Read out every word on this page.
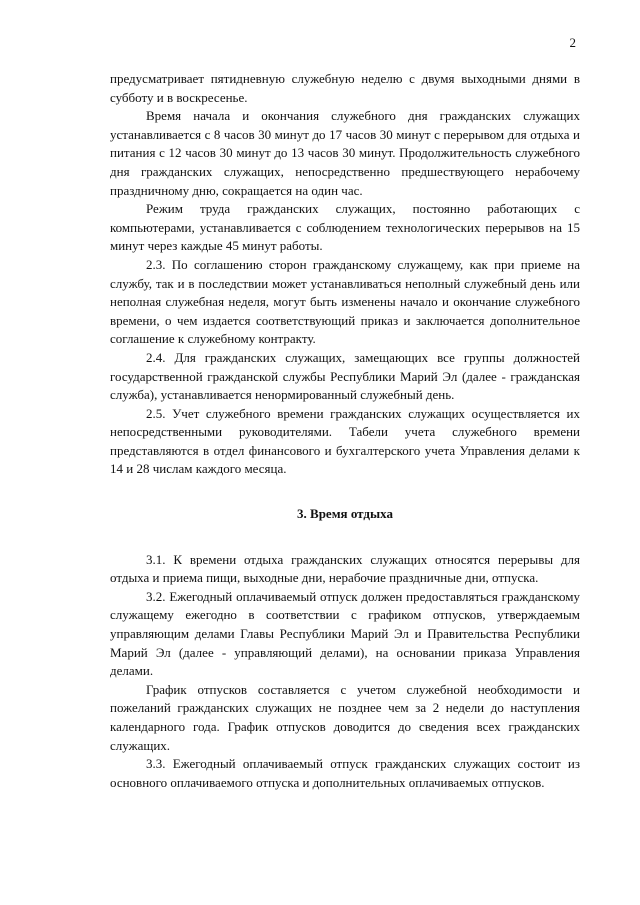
2

предусматривает пятидневную служебную неделю с двумя выходными днями в субботу и в воскресенье.

Время начала и окончания служебного дня гражданских служащих устанавливается с 8 часов 30 минут до 17 часов 30 минут с перерывом для отдыха и питания с 12 часов 30 минут до 13 часов 30 минут. Продолжительность служебного дня гражданских служащих, непосредственно предшествующего нерабочему праздничному дню, сокращается на один час.

Режим труда гражданских служащих, постоянно работающих с компьютерами, устанавливается с соблюдением технологических перерывов на 15 минут через каждые 45 минут работы.

2.3. По соглашению сторон гражданскому служащему, как при приеме на службу, так и в последствии может устанавливаться неполный служебный день или неполная служебная неделя, могут быть изменены начало и окончание служебного времени, о чем издается соответствующий приказ и заключается дополнительное соглашение к служебному контракту.

2.4. Для гражданских служащих, замещающих все группы должностей государственной гражданской службы Республики Марий Эл (далее - гражданская служба), устанавливается ненормированный служебный день.

2.5. Учет служебного времени гражданских служащих осуществляется их непосредственными руководителями. Табели учета служебного времени представляются в отдел финансового и бухгалтерского учета Управления делами к 14 и 28 числам каждого месяца.

3. Время отдыха

3.1. К времени отдыха гражданских служащих относятся перерывы для отдыха и приема пищи, выходные дни, нерабочие праздничные дни, отпуска.

3.2. Ежегодный оплачиваемый отпуск должен предоставляться гражданскому служащему ежегодно в соответствии с графиком отпусков, утверждаемым управляющим делами Главы Республики Марий Эл и Правительства Республики Марий Эл (далее - управляющий делами), на основании приказа Управления делами.

График отпусков составляется с учетом служебной необходимости и пожеланий гражданских служащих не позднее чем за 2 недели до наступления календарного года. График отпусков доводится до сведения всех гражданских служащих.

3.3. Ежегодный оплачиваемый отпуск гражданских служащих состоит из основного оплачиваемого отпуска и дополнительных оплачиваемых отпусков.
